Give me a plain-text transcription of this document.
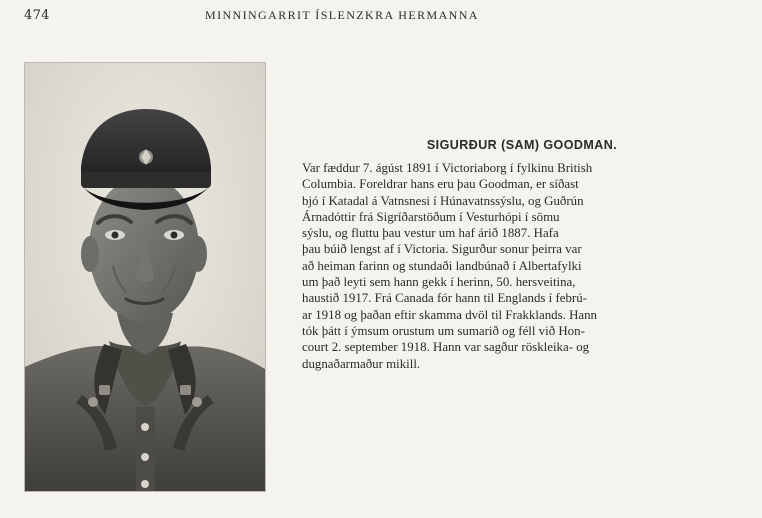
474	MINNINGARRIT ÍSLENZKRA HERMANNA
SIGURÐUR (SAM) GOODMAN.

Var fæddur 7. ágúst 1891 í Victoriaborg í fylkinu British
Columbia. Foreldrar hans eru þau Goodman, er síðast
bjó í Katadal á Vatnsnesi í Húnavatnssýslu, og Guðrún
Árnadóttir frá Sigríðarstöðum í Vesturhópi í sömu
sýslu, og fluttu þau vestur um haf árið 1887. Hafa
þau búið lengst af í Victoria. Sigurður sonur þeirra var
að heiman farinn og stundaði landbúnað í Albertafylki
um það leyti sem hann gekk í herinn, 50. hersveitina,
haustið 1917. Frá Canada fór hann til Englands í febrú-
ar 1918 og þaðan eftir skamma dvöl til Frakklands. Hann
tók þátt í ýmsum orustum um sumarið og féll við Hon-
court 2. september 1918. Hann var sagður röskleika- og
dugnaðarmaður mikill.
